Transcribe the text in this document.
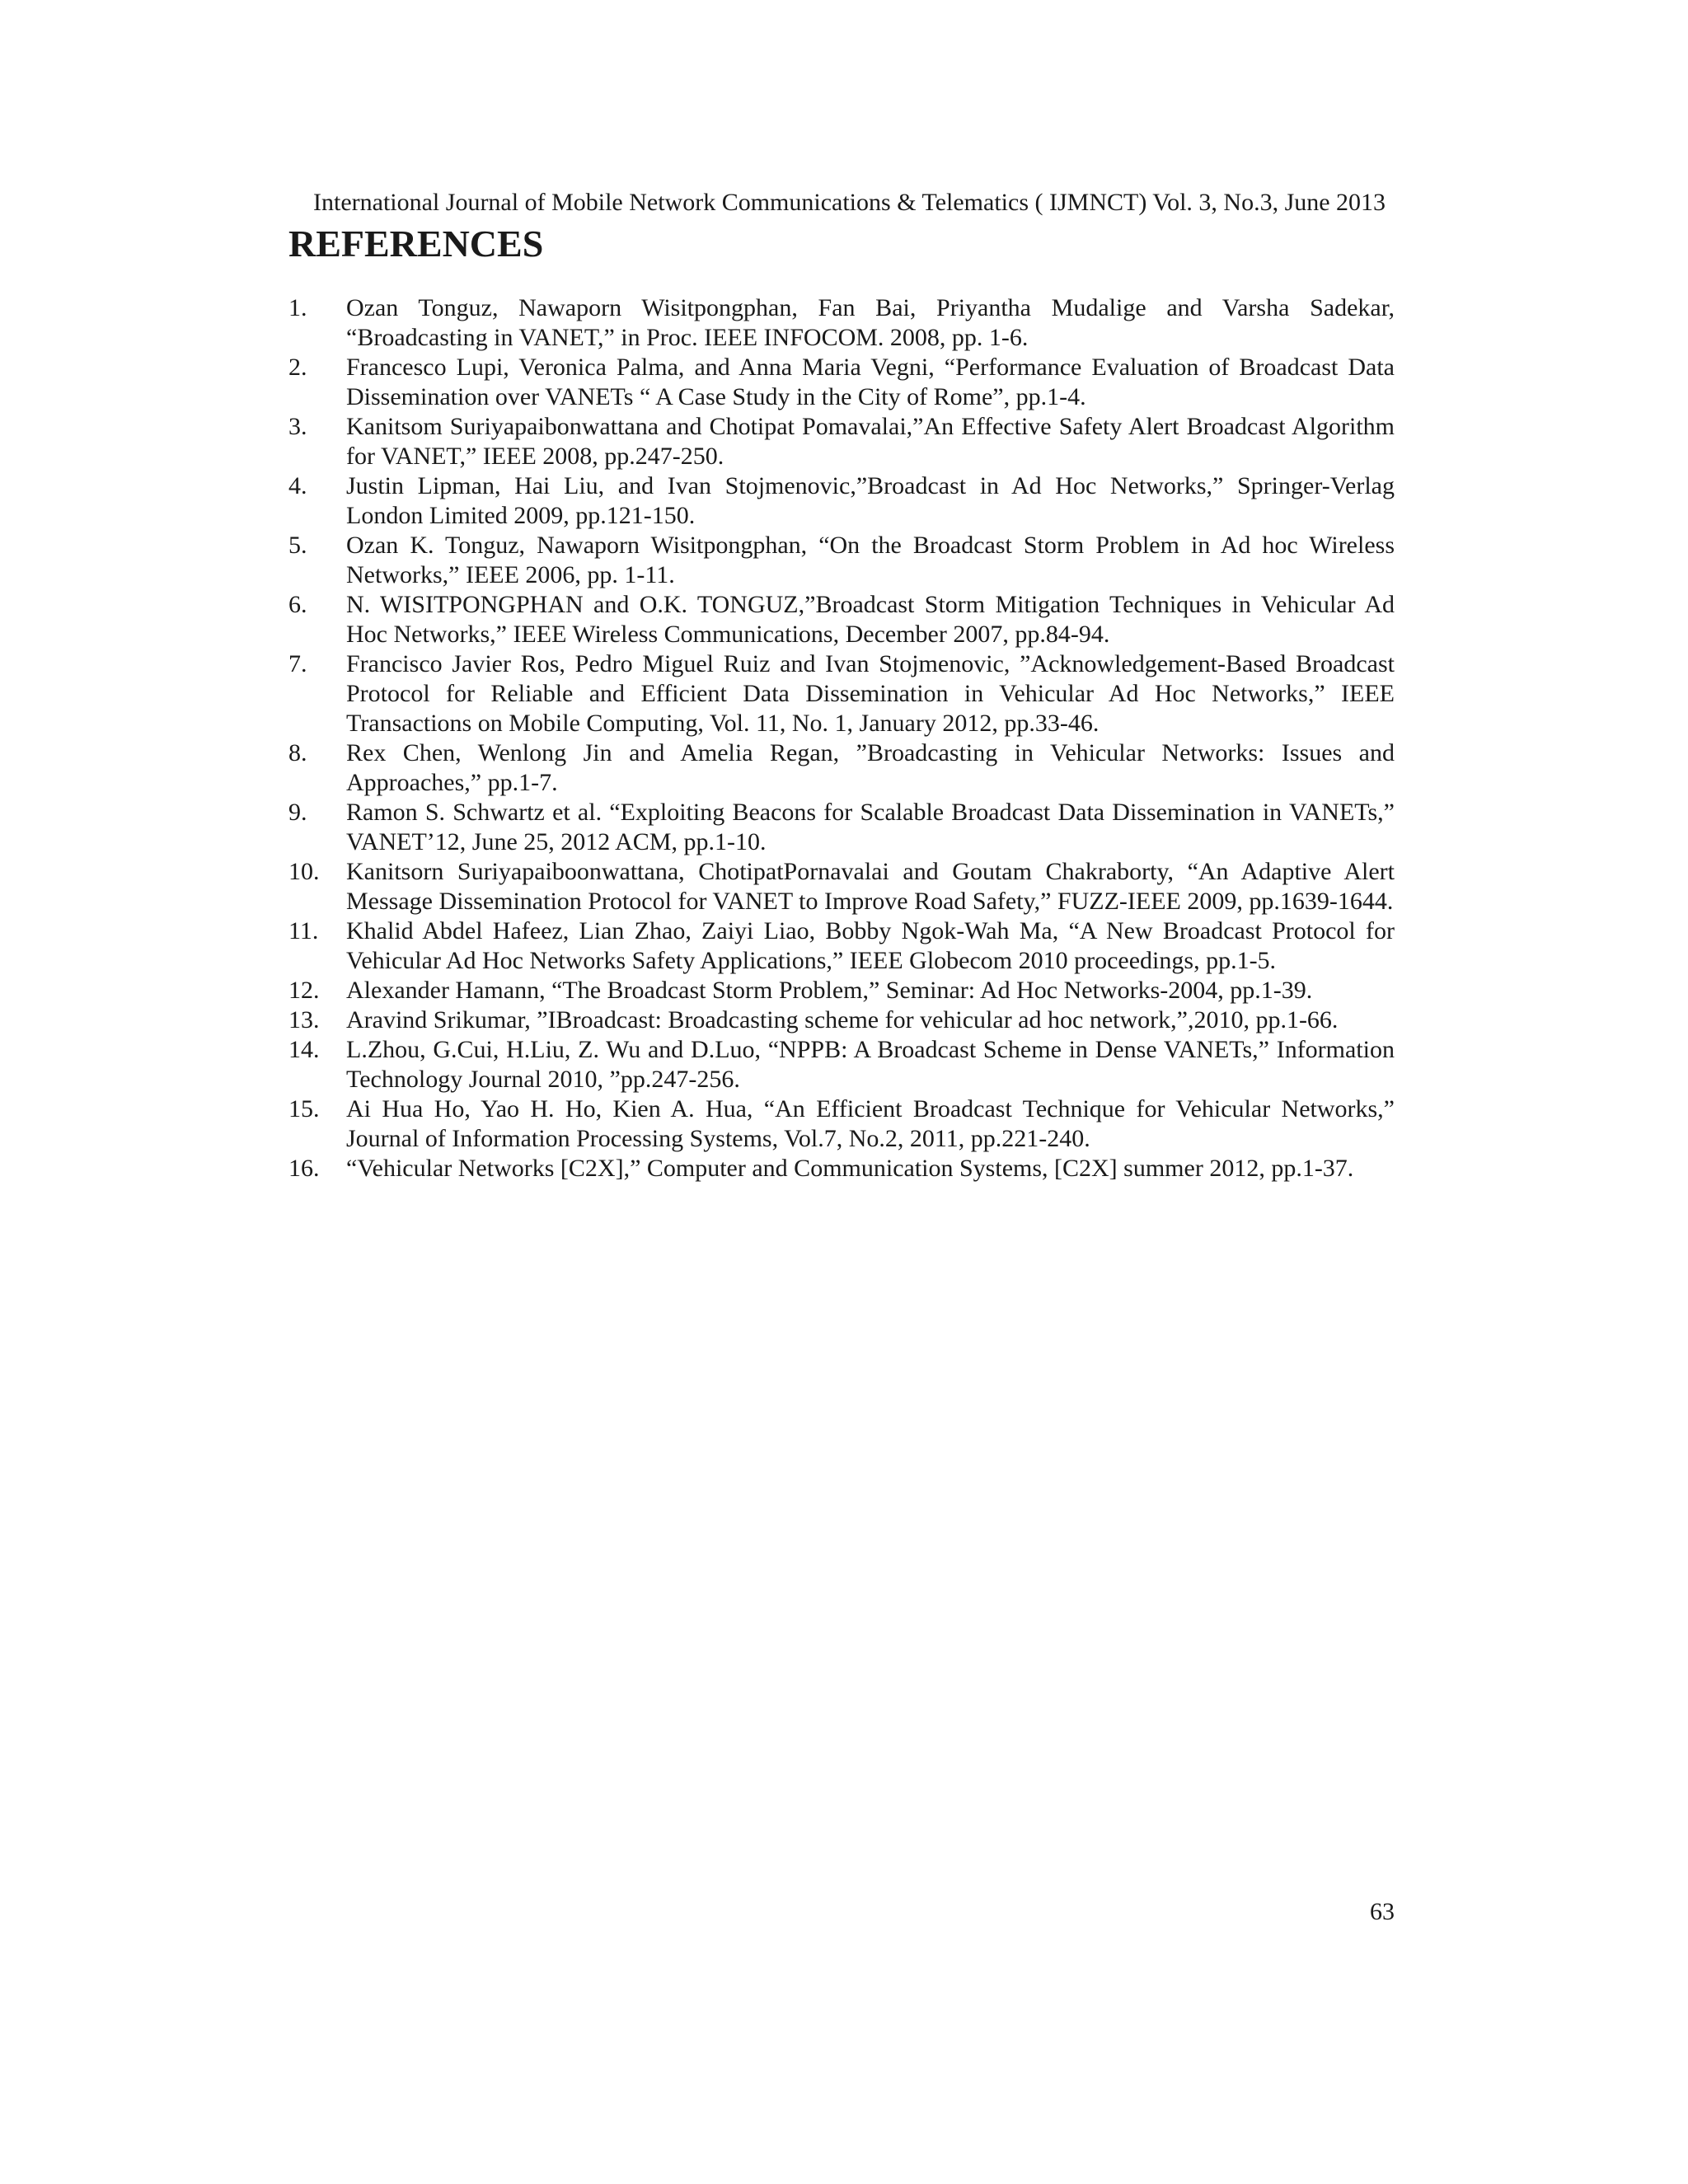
International Journal of Mobile Network Communications & Telematics ( IJMNCT) Vol. 3, No.3, June 2013
REFERENCES
1.	Ozan Tonguz, Nawaporn Wisitpongphan, Fan Bai, Priyantha Mudalige and Varsha Sadekar, “Broadcasting in VANET,” in Proc. IEEE INFOCOM. 2008, pp. 1-6.
2.	Francesco Lupi, Veronica Palma, and Anna Maria Vegni, “Performance Evaluation of Broadcast Data Dissemination over VANETs “ A Case Study in the City of Rome”, pp.1-4.
3.	Kanitsom Suriyapaibonwattana and Chotipat Pomavalai,”An Effective Safety Alert Broadcast Algorithm for VANET,” IEEE 2008, pp.247-250.
4.	Justin Lipman, Hai Liu, and Ivan Stojmenovic,”Broadcast in Ad Hoc Networks,” Springer-Verlag London Limited 2009, pp.121-150.
5.	Ozan K. Tonguz, Nawaporn Wisitpongphan, “On the Broadcast Storm Problem in Ad hoc Wireless Networks,” IEEE 2006, pp. 1-11.
6.	N. WISITPONGPHAN and O.K. TONGUZ,”Broadcast Storm Mitigation Techniques in Vehicular Ad Hoc Networks,” IEEE Wireless Communications, December 2007, pp.84-94.
7.	Francisco Javier Ros, Pedro Miguel Ruiz and Ivan Stojmenovic, ”Acknowledgement-Based Broadcast Protocol for Reliable and Efficient Data Dissemination in Vehicular Ad Hoc Networks,” IEEE Transactions on Mobile Computing, Vol. 11, No. 1, January 2012, pp.33-46.
8.	Rex Chen, Wenlong Jin and Amelia Regan, ”Broadcasting in Vehicular Networks: Issues and Approaches,” pp.1-7.
9.	Ramon S. Schwartz et al. “Exploiting Beacons for Scalable Broadcast Data Dissemination in VANETs,” VANET’12, June 25, 2012 ACM, pp.1-10.
10.	Kanitsorn Suriyapaiboonwattana, ChotipatPornavalai and Goutam Chakraborty, “An Adaptive Alert Message Dissemination Protocol for VANET to Improve Road Safety,” FUZZ-IEEE 2009, pp.1639-1644.
11.	Khalid Abdel Hafeez, Lian Zhao, Zaiyi Liao, Bobby Ngok-Wah Ma, “A New Broadcast Protocol for Vehicular Ad Hoc Networks Safety Applications,” IEEE Globecom 2010 proceedings, pp.1-5.
12.	Alexander Hamann, “The Broadcast Storm Problem,” Seminar: Ad Hoc Networks-2004, pp.1-39.
13.	Aravind Srikumar, ”IBroadcast: Broadcasting scheme for vehicular ad hoc network,”,2010, pp.1-66.
14.	L.Zhou, G.Cui, H.Liu, Z. Wu and D.Luo, “NPPB: A Broadcast Scheme in Dense VANETs,” Information Technology Journal 2010, ”pp.247-256.
15.	Ai Hua Ho, Yao H. Ho, Kien A. Hua, “An Efficient Broadcast Technique for Vehicular Networks,” Journal of Information Processing Systems, Vol.7, No.2, 2011, pp.221-240.
16.	“Vehicular Networks [C2X],” Computer and Communication Systems, [C2X] summer 2012, pp.1-37.
63
